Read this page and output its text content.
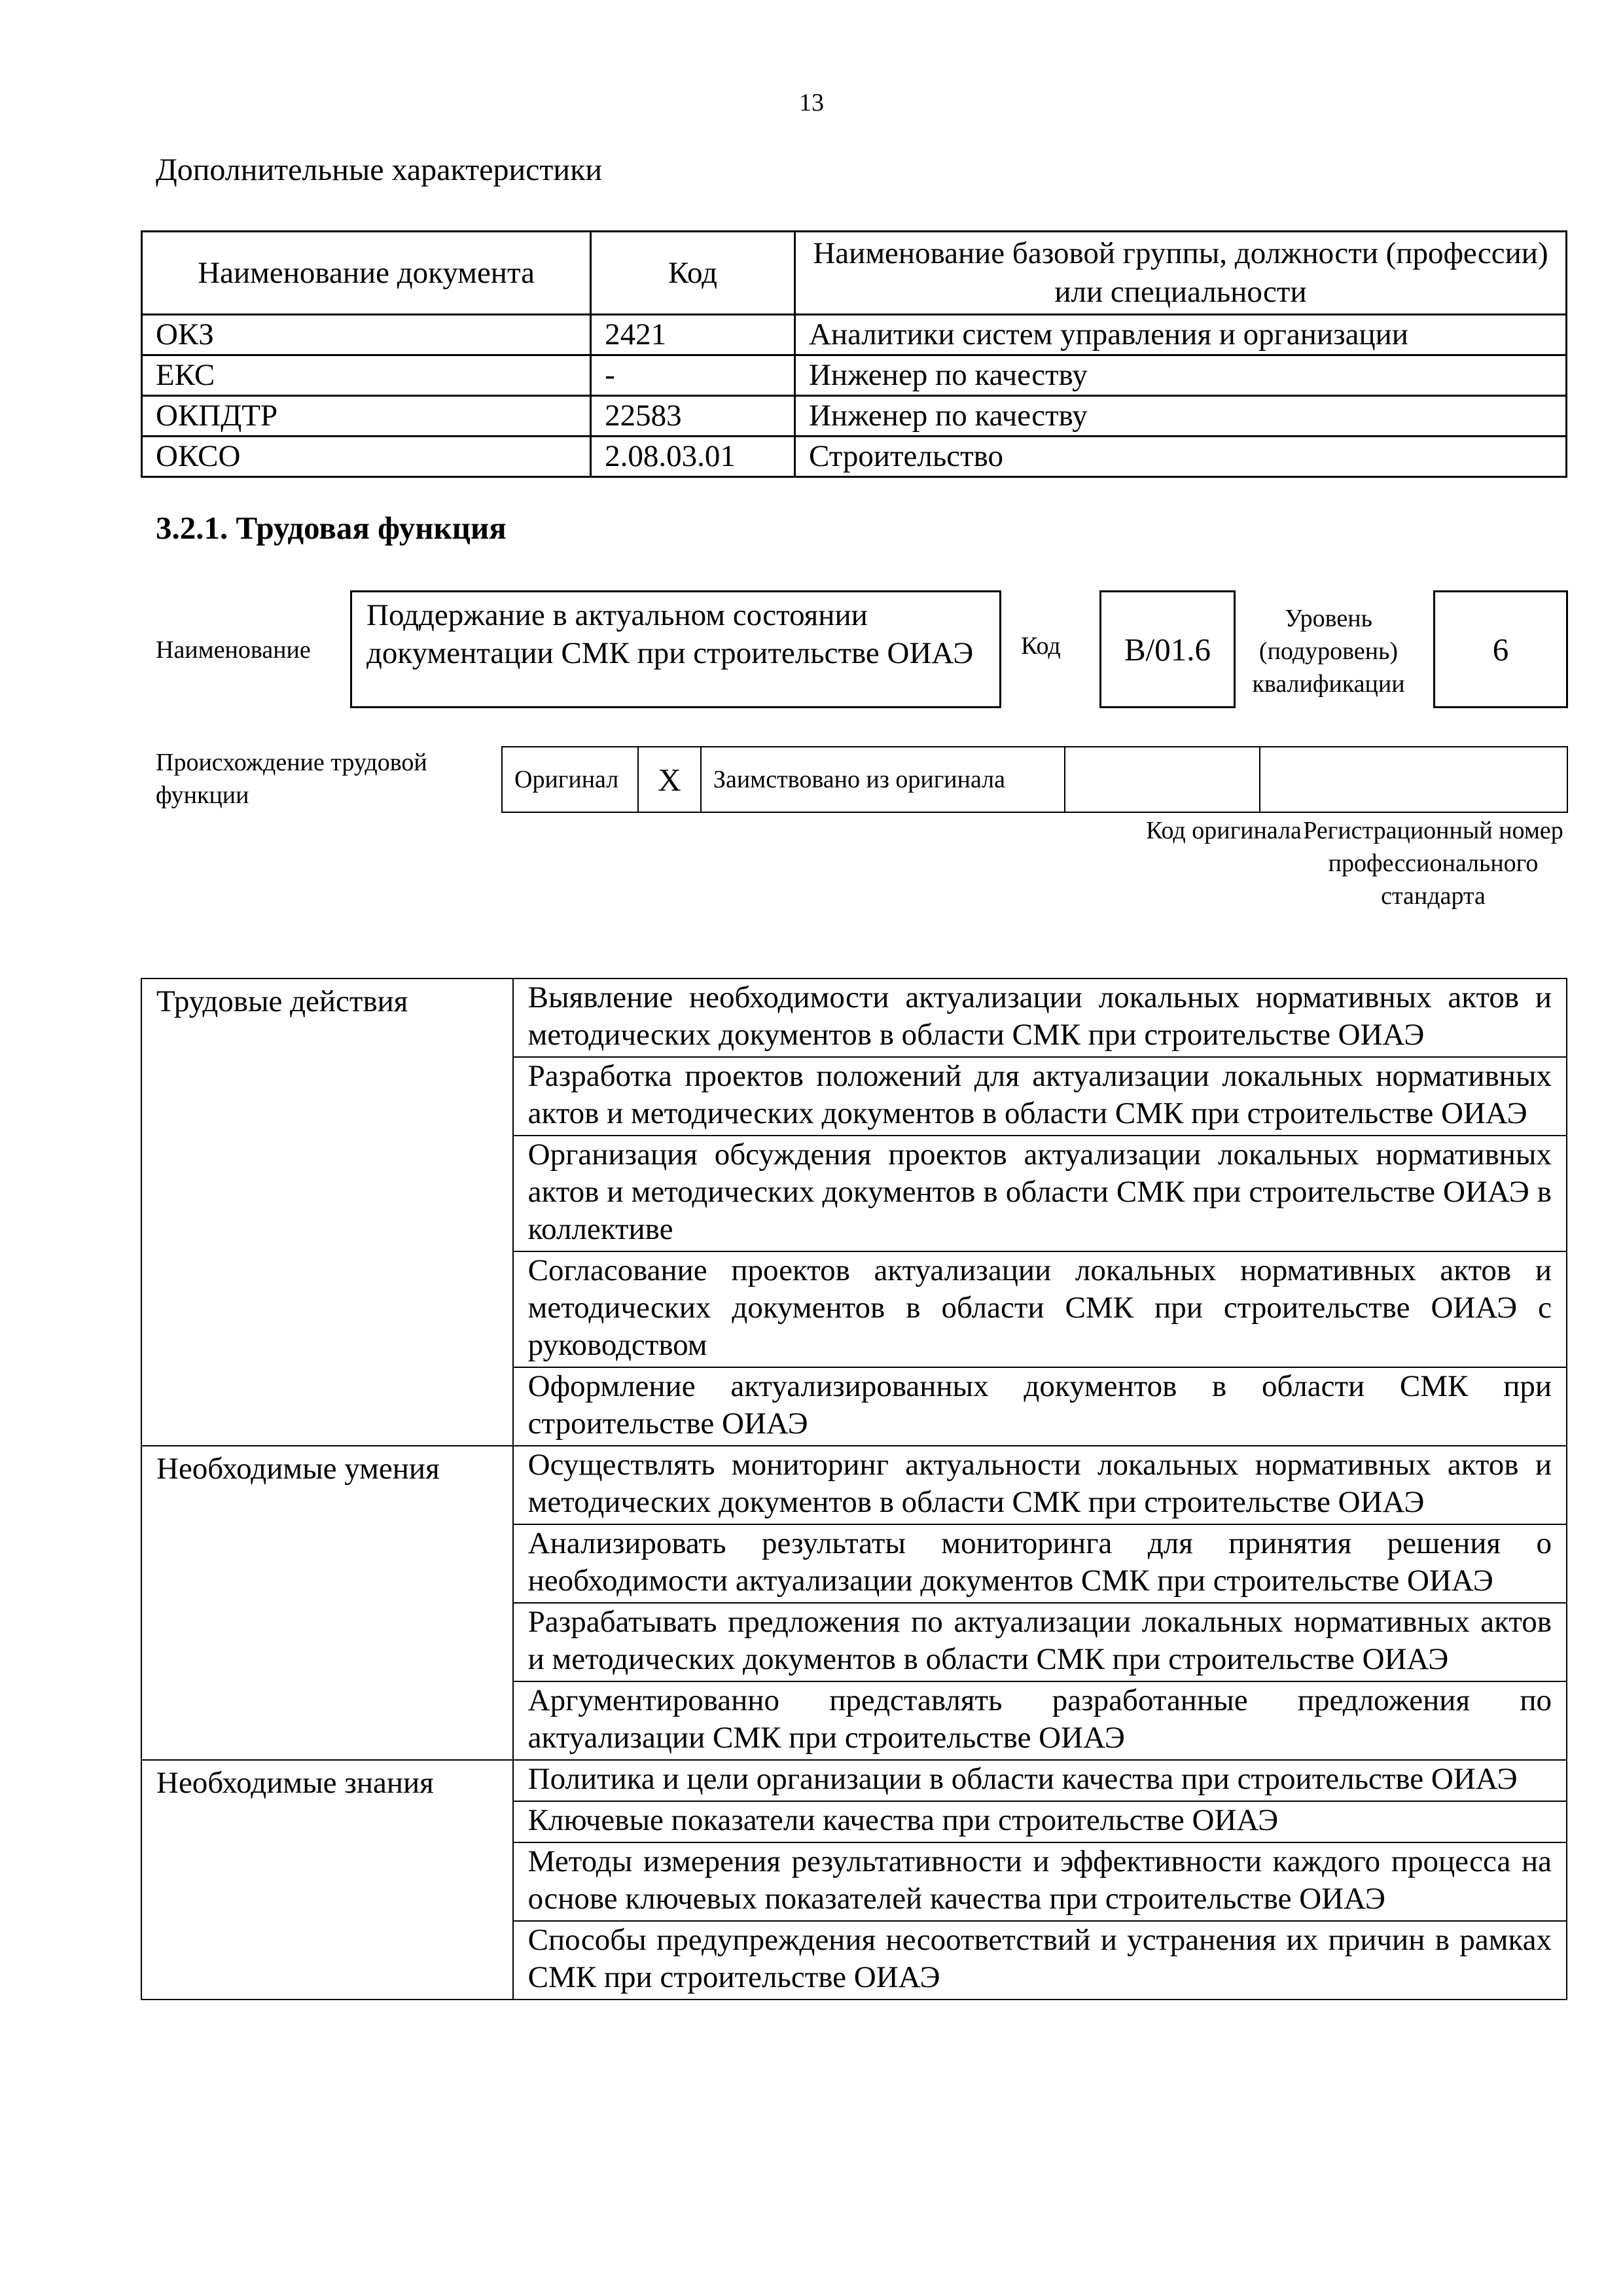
13
Дополнительные характеристики
Наименование документа	Код	Наименование базовой группы, должности (профессии) или специальности
ОКЗ	2421	Аналитики систем управления и организации
ЕКС	-	Инженер по качеству
ОКПДТР	22583	Инженер по качеству
ОКСО	2.08.03.01	Строительство
3.2.1. Трудовая функция
Наименование
Поддержание в актуальном состоянии документации СМК при строительстве ОИАЭ	Код	B/01.6
Уровень (подуровень) квалификации
6
Происхождение трудовой функции
Оригинал	X	Заимствовано из оригинала		
Код оригинала Регистрационный номер профессионального стандарта
Трудовые действия	Выявление необходимости актуализации локальных нормативных актов и методических документов в области СМК при строительстве ОИАЭ
	Разработка проектов положений для актуализации локальных нормативных актов и методических документов в области СМК при строительстве ОИАЭ
	Организация обсуждения проектов актуализации локальных нормативных актов и методических документов в области СМК при строительстве ОИАЭ в коллективе
	Согласование проектов актуализации локальных нормативных актов и методических документов в области СМК при строительстве ОИАЭ с руководством
	Оформление актуализированных документов в области СМК при строительстве ОИАЭ
Необходимые умения	Осуществлять мониторинг актуальности локальных нормативных актов и методических документов в области СМК при строительстве ОИАЭ
	Анализировать результаты мониторинга для принятия решения о необходимости актуализации документов СМК при строительстве ОИАЭ
	Разрабатывать предложения по актуализации локальных нормативных актов и методических документов в области СМК при строительстве ОИАЭ
	Аргументированно представлять разработанные предложения по актуализации СМК при строительстве ОИАЭ
Необходимые знания	Политика и цели организации в области качества при строительстве ОИАЭ
	Ключевые показатели качества при строительстве ОИАЭ
	Методы измерения результативности и эффективности каждого процесса на основе ключевых показателей качества при строительстве ОИАЭ
	Способы предупреждения несоответствий и устранения их причин в рамках СМК при строительстве ОИАЭ
